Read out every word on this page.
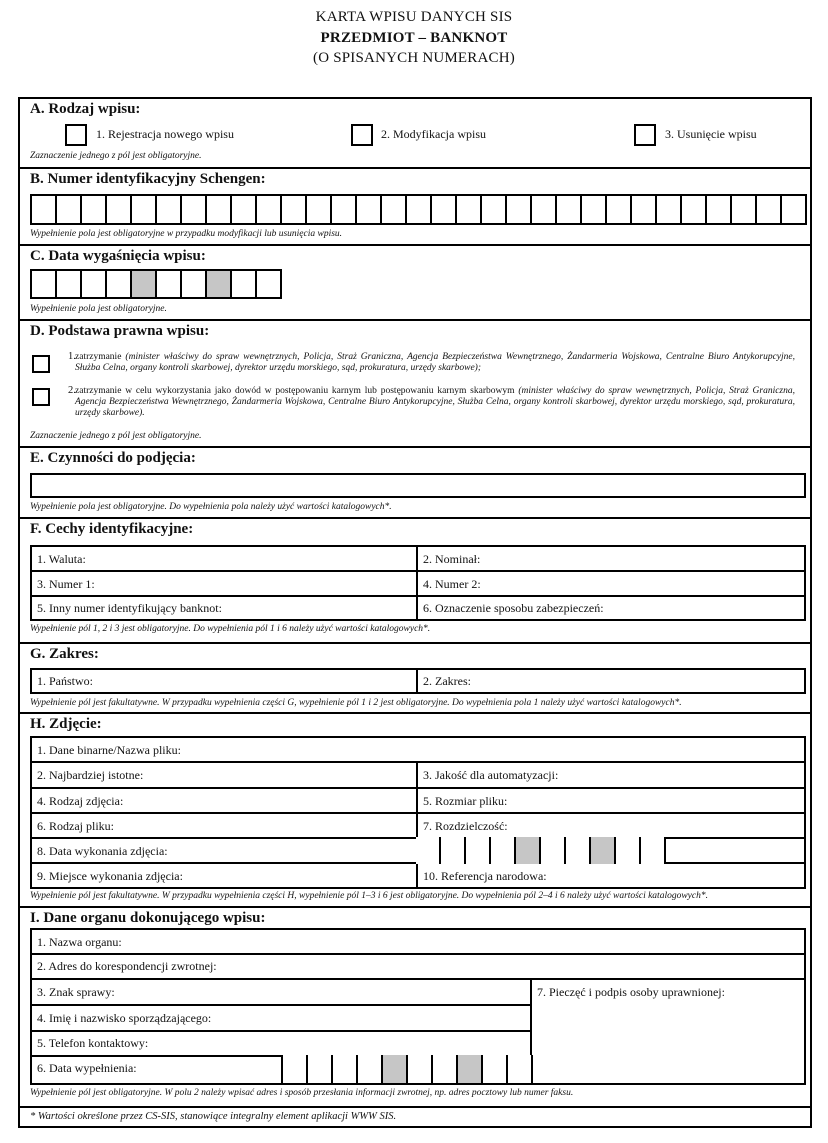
KARTA WPISU DANYCH SIS
PRZEDMIOT – BANKNOT
(O SPISANYCH NUMERACH)
A. Rodzaj wpisu:
1. Rejestracja nowego wpisu	2. Modyfikacja wpisu	3. Usunięcie wpisu
Zaznaczenie jednego z pól jest obligatoryjne.
B. Numer identyfikacyjny Schengen:
Wypełnienie pola jest obligatoryjne w przypadku modyfikacji lub usunięcia wpisu.
C. Data wygaśnięcia wpisu:
Wypełnienie pola jest obligatoryjne.
D. Podstawa prawna wpisu:
1. zatrzymanie (minister właściwy do spraw wewnętrznych, Policja, Straż Graniczna, Agencja Bezpieczeństwa Wewnętrznego, Żandarmeria Wojskowa, Centralne Biuro Antykorupcyjne, Służba Celna, organy kontroli skarbowej, dyrektor urzędu morskiego, sąd, prokuratura, urzędy skarbowe);
2. zatrzymanie w celu wykorzystania jako dowód w postępowaniu karnym lub postępowaniu karnym skarbowym (minister właściwy do spraw wewnętrznych, Policja, Straż Graniczna, Agencja Bezpieczeństwa Wewnętrznego, Żandarmeria Wojskowa, Centralne Biuro Antykorupcyjne, Służba Celna, organy kontroli skarbowej, dyrektor urzędu morskiego, sąd, prokuratura, urzędy skarbowe).
Zaznaczenie jednego z pól jest obligatoryjne.
E. Czynności do podjęcia:
Wypełnienie pola jest obligatoryjne. Do wypełnienia pola należy użyć wartości katalogowych*.
F. Cechy identyfikacyjne:
1. Waluta:	2. Nominał:
3. Numer 1:	4. Numer 2:
5. Inny numer identyfikujący banknot:	6. Oznaczenie sposobu zabezpieczeń:
Wypełnienie pól 1, 2 i 3 jest obligatoryjne. Do wypełnienia pól 1 i 6 należy użyć wartości katalogowych*.
G. Zakres:
1. Państwo:	2. Zakres:
Wypełnienie pól jest fakultatywne. W przypadku wypełnienia części G, wypełnienie pól 1 i 2 jest obligatoryjne. Do wypełnienia pola 1 należy użyć wartości katalogowych*.
H. Zdjęcie:
1. Dane binarne/Nazwa pliku:
2. Najbardziej istotne:	3. Jakość dla automatyzacji:
4. Rodzaj zdjęcia:	5. Rozmiar pliku:
6. Rodzaj pliku:	7. Rozdzielczość:
8. Data wykonania zdjęcia:
9. Miejsce wykonania zdjęcia:	10. Referencja narodowa:
Wypełnienie pól jest fakultatywne. W przypadku wypełnienia części H, wypełnienie pól 1–3 i 6 jest obligatoryjne. Do wypełnienia pól 2–4 i 6 należy użyć wartości katalogowych*.
I. Dane organu dokonującego wpisu:
1. Nazwa organu:
2. Adres do korespondencji zwrotnej:
3. Znak sprawy:	7. Pieczęć i podpis osoby uprawnionej:
4. Imię i nazwisko sporządzającego:
5. Telefon kontaktowy:
6. Data wypełnienia:
Wypełnienie pól jest obligatoryjne. W polu 2 należy wpisać adres i sposób przesłania informacji zwrotnej, np. adres pocztowy lub numer faksu.
* Wartości określone przez CS-SIS, stanowiące integralny element aplikacji WWW SIS.
